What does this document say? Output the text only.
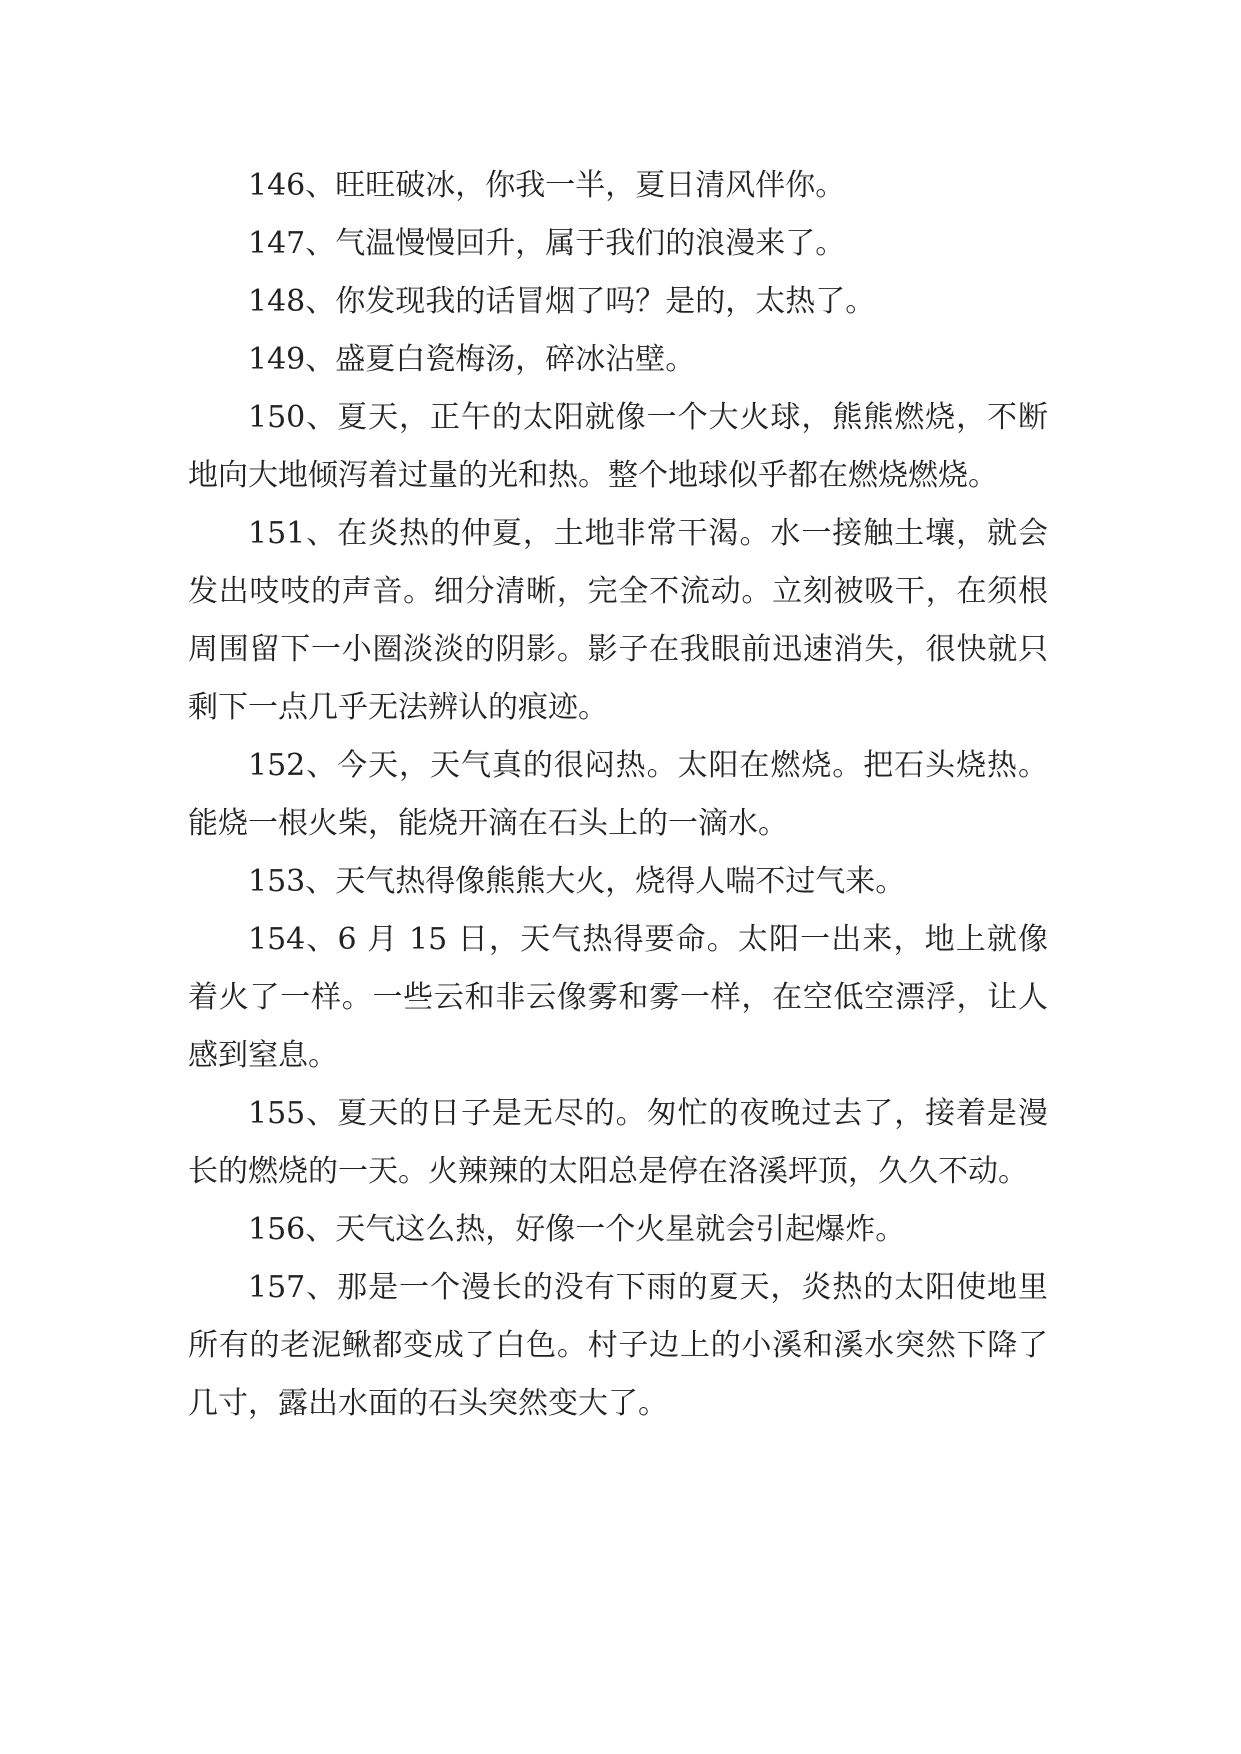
146、旺旺破冰，你我一半，夏日清风伴你。

147、气温慢慢回升，属于我们的浪漫来了。

148、你发现我的话冒烟了吗？是的，太热了。

149、盛夏白瓷梅汤，碎冰沾壁。

150、夏天，正午的太阳就像一个大火球，熊熊燃烧，不断地向大地倾泻着过量的光和热。整个地球似乎都在燃烧燃烧。

151、在炎热的仲夏，土地非常干渴。水一接触土壤，就会发出吱吱的声音。细分清晰，完全不流动。立刻被吸干，在须根周围留下一小圈淡淡的阴影。影子在我眼前迅速消失，很快就只剩下一点几乎无法辨认的痕迹。

152、今天，天气真的很闷热。太阳在燃烧。把石头烧热。能烧一根火柴，能烧开滴在石头上的一滴水。

153、天气热得像熊熊大火，烧得人喘不过气来。

154、6 月 15 日，天气热得要命。太阳一出来，地上就像着火了一样。一些云和非云像雾和雾一样，在空低空漂浮，让人感到窒息。

155、夏天的日子是无尽的。匆忙的夜晚过去了，接着是漫长的燃烧的一天。火辣辣的太阳总是停在洛溪坪顶，久久不动。

156、天气这么热，好像一个火星就会引起爆炸。

157、那是一个漫长的没有下雨的夏天，炎热的太阳使地里所有的老泥鳅都变成了白色。村子边上的小溪和溪水突然下降了几寸，露出水面的石头突然变大了。
